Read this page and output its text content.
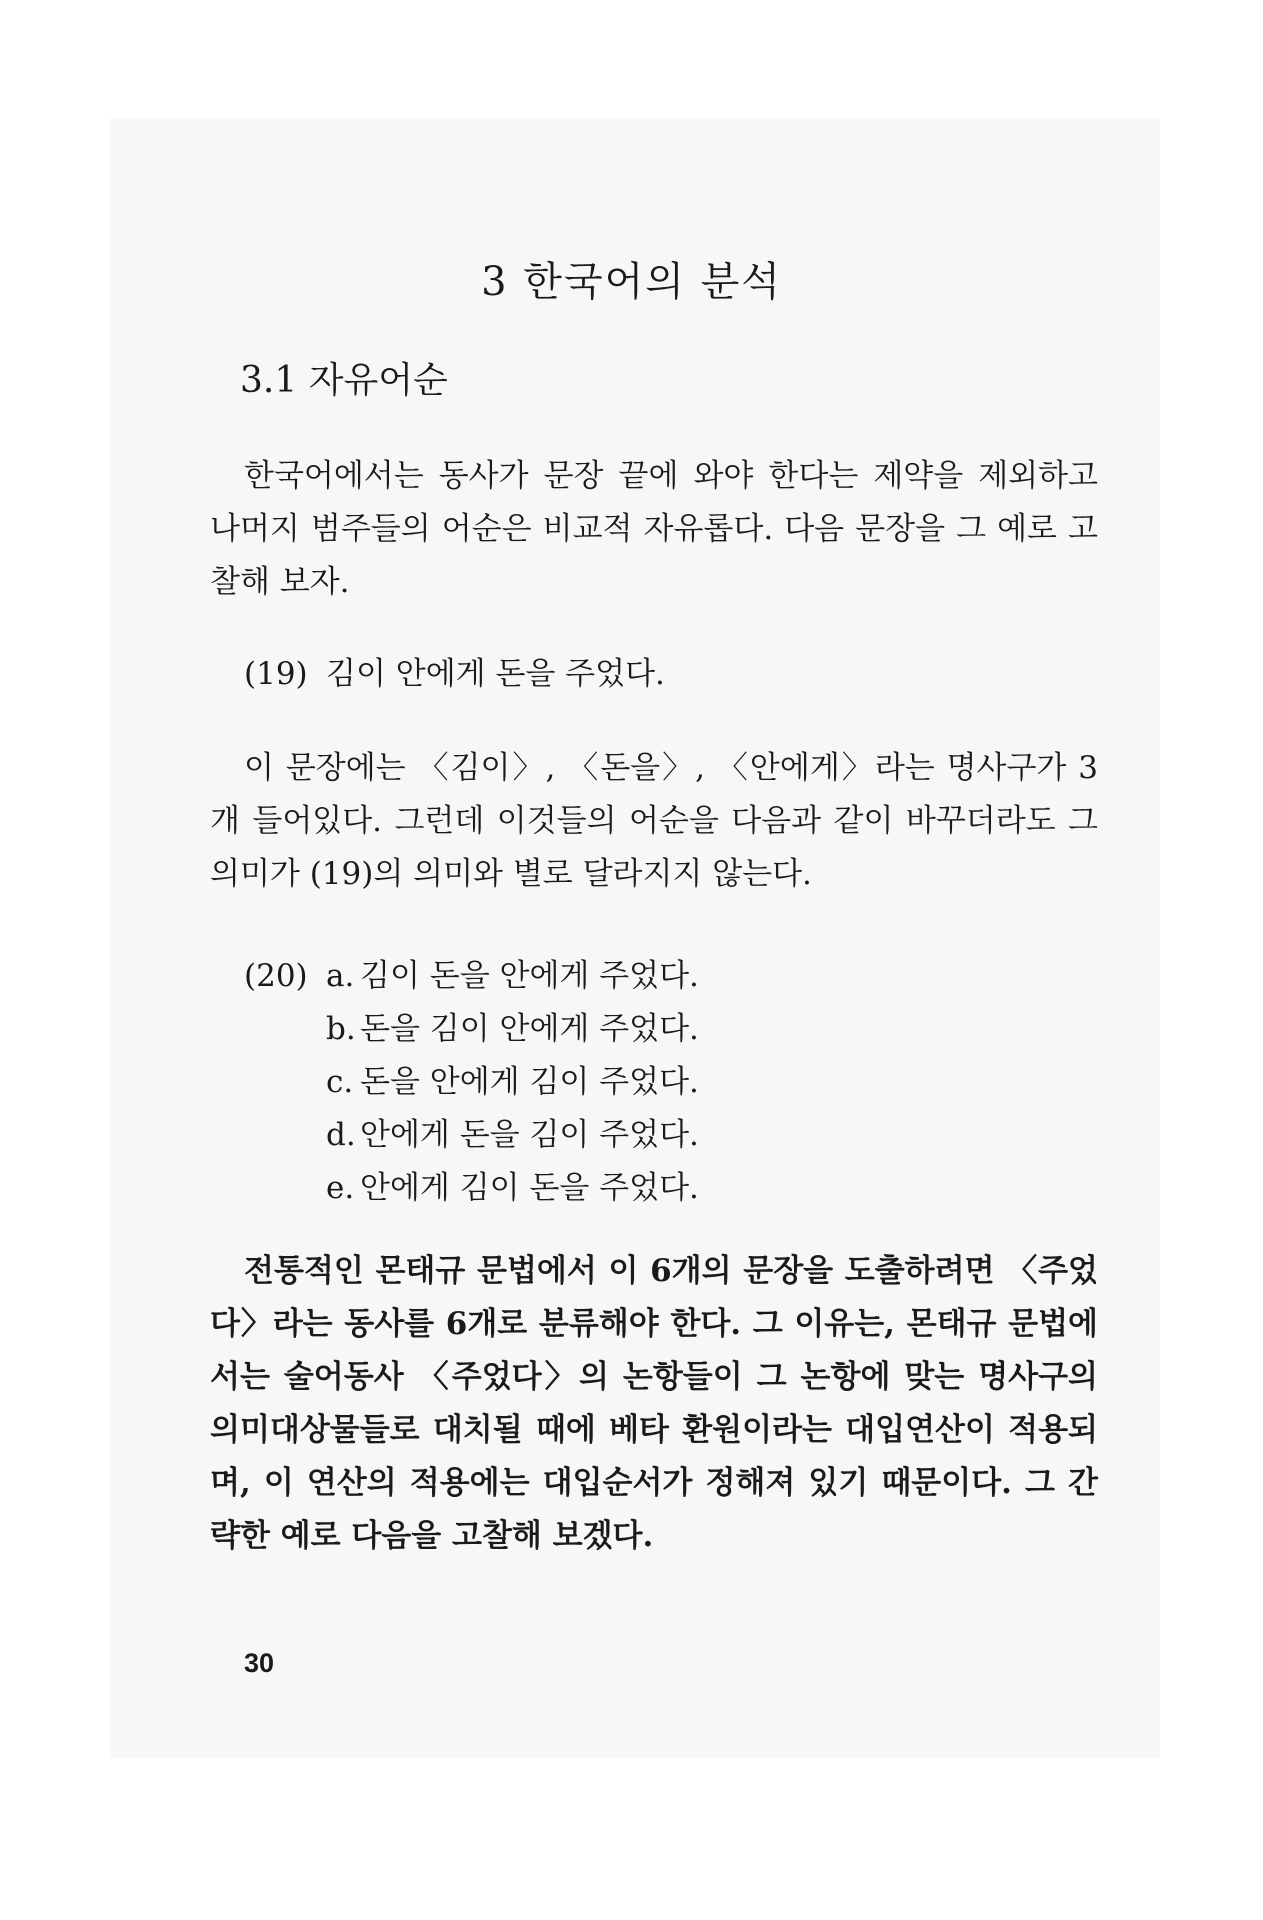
3 한국어의 분석
3.1 자유어순

한국어에서는 동사가 문장 끝에 와야 한다는 제약을 제외하고 나머지 범주들의 어순은 비교적 자유롭다. 다음 문장을 그 예로 고찰해 보자.

(19) 김이 안에게 돈을 주었다.

이 문장에는 〈김이〉, 〈돈을〉, 〈안에게〉라는 명사구가 3 개 들어있다. 그런데 이것들의 어순을 다음과 같이 바꾸더라도 그 의미가 (19)의 의미와 별로 달라지지 않는다.

(20) a. 김이 돈을 안에게 주었다.
b. 돈을 김이 안에게 주었다.
c. 돈을 안에게 김이 주었다.
d. 안에게 돈을 김이 주었다.
e. 안에게 김이 돈을 주었다.

전통적인 몬태규 문법에서 이 6개의 문장을 도출하려면 〈주었다〉라는 동사를 6개로 분류해야 한다. 그 이유는, 몬태규 문법에서는 술어동사 〈주었다〉의 논항들이 그 논항에 맞는 명사구의 의미대상물들로 대치될 때에 베타 환원이라는 대입연산이 적용되며, 이 연산의 적용에는 대입순서가 정해져 있기 때문이다. 그 간략한 예로 다음을 고찰해 보겠다.

30
